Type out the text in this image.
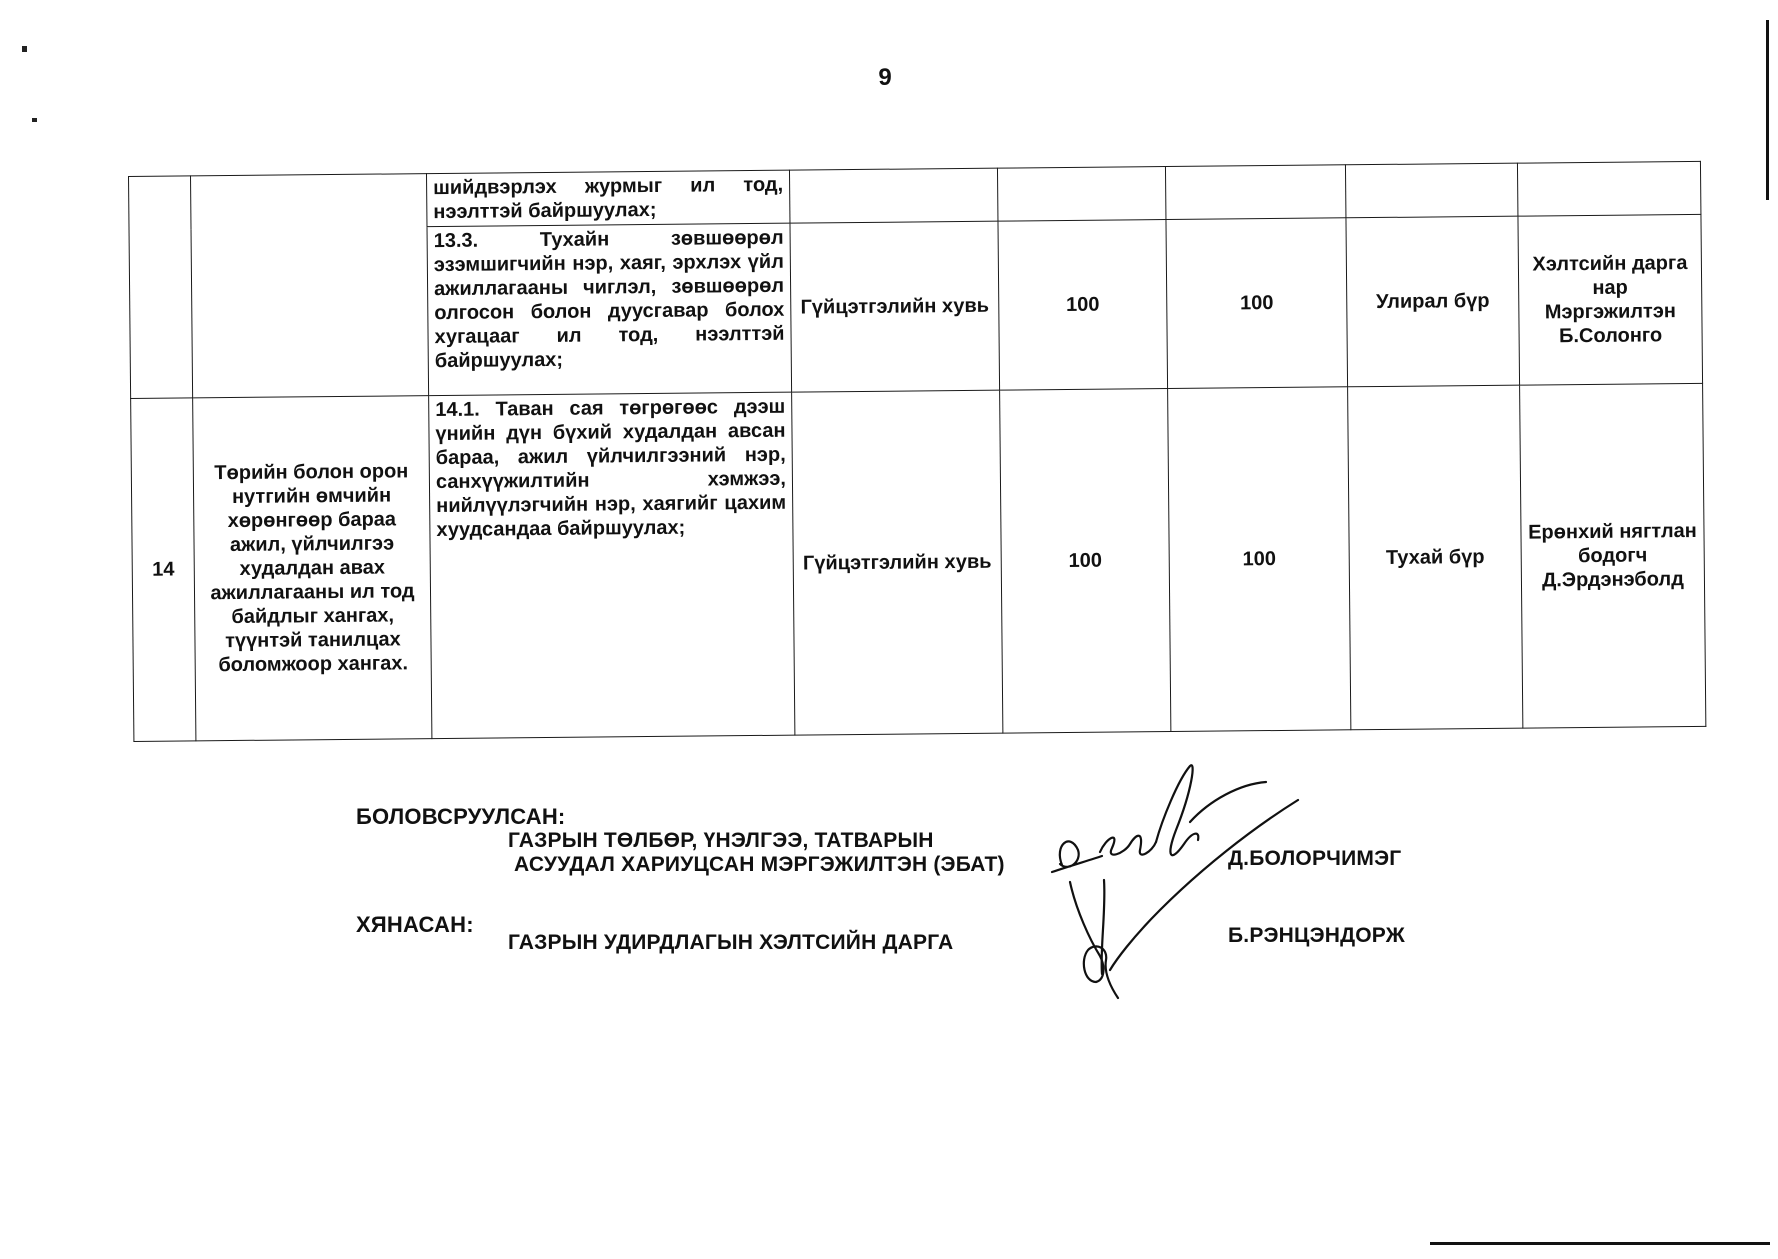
9
		шийдвэрлэх журмыг ил тод, нээлттэй байршуулах;					
		13.3. Тухайн зөвшөөрөл эзэмшигчийн нэр, хаяг, эрхлэх үйл ажиллагааны чиглэл, зөвшөөрөл олгосон болон дуусгавар болох хугацааг ил тод, нээлттэй байршуулах;	Гүйцэтгэлийн хувь	100	100	Улирал бүр	Хэлтсийн дарга нар Мэргэжилтэн Б.Солонго
14	Төрийн болон орон нутгийн өмчийн хөрөнгөөр бараа ажил, үйлчилгээ худалдан авах ажиллагааны ил тод байдлыг хангах, түүнтэй танилцах боломжоор хангах.	14.1. Таван сая төгрөгөөс дээш үнийн дүн бүхий худалдан авсан бараа, ажил үйлчилгээний нэр, санхүүжилтийн хэмжээ, нийлүүлэгчийн нэр, хаягийг цахим хуудсандаа байршуулах;	Гүйцэтгэлийн хувь	100	100	Тухай бүр	Ерөнхий нягтлан бодогч Д.Эрдэнэболд
БОЛОВСРУУЛСАН:
ГАЗРЫН ТӨЛБӨР, ҮНЭЛГЭЭ, ТАТВАРЫН
АСУУДАЛ ХАРИУЦСАН МЭРГЭЖИЛТЭН (ЭБАТ)	Д.БОЛОРЧИМЭГ
ХЯНАСАН:
ГАЗРЫН УДИРДЛАГЫН ХЭЛТСИЙН ДАРГА	Б.РЭНЦЭНДОРЖ
